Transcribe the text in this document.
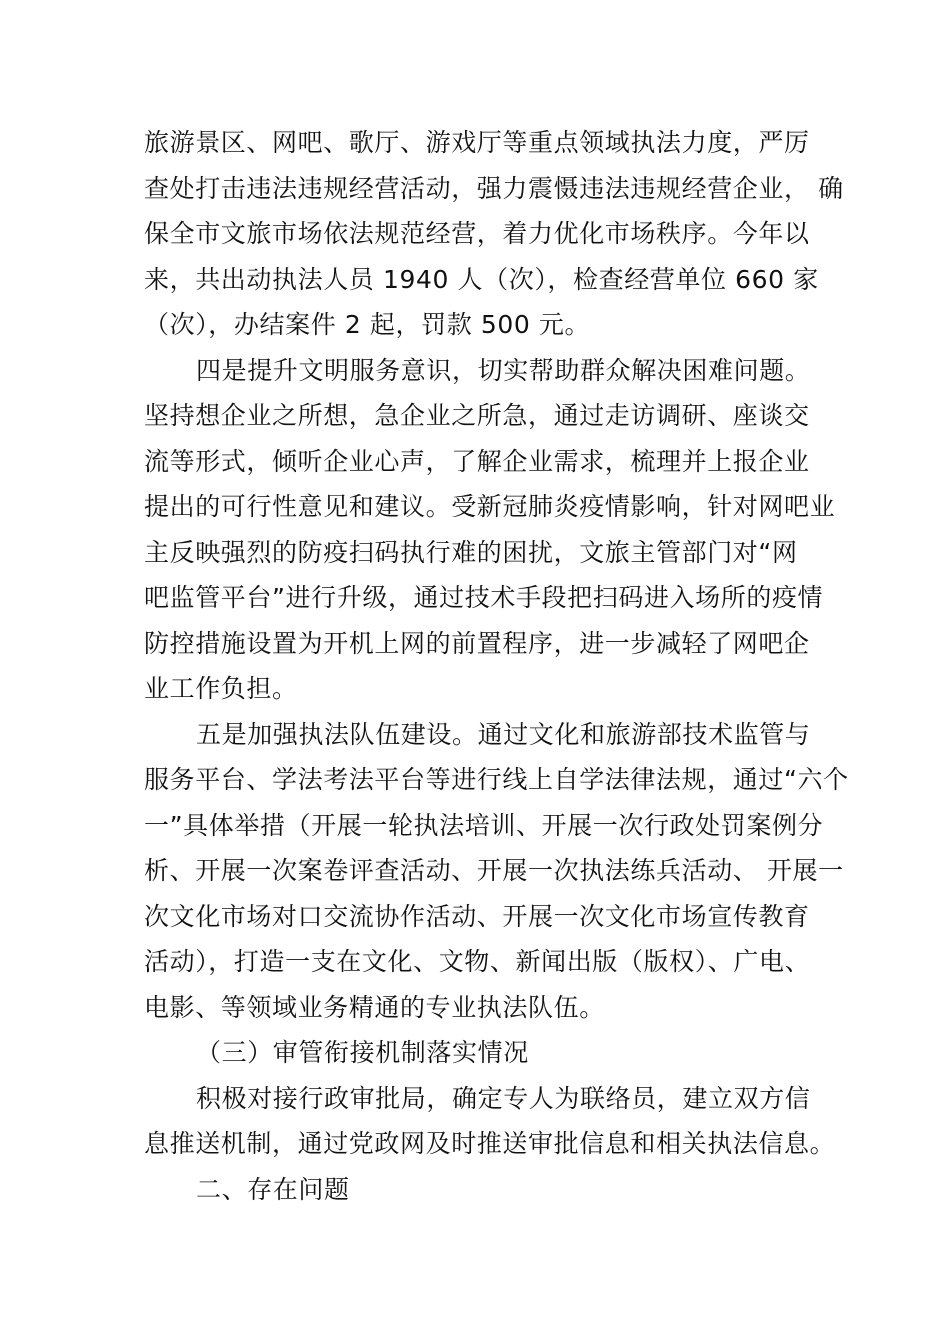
旅游景区、网吧、歌厅、游戏厅等重点领域执法力度，严厉
查处打击违法违规经营活动，强力震慑违法违规经营企业， 确
保全市文旅市场依法规范经营，着力优化市场秩序。今年以
来，共出动执法人员 1940 人（次），检查经营单位 660 家
（次），办结案件 2 起，罚款 500 元。
四是提升文明服务意识，切实帮助群众解决困难问题。
坚持想企业之所想，急企业之所急，通过走访调研、座谈交
流等形式，倾听企业心声，了解企业需求，梳理并上报企业
提出的可行性意见和建议。受新冠肺炎疫情影响，针对网吧业
主反映强烈的防疫扫码执行难的困扰，文旅主管部门对“网
吧监管平台”进行升级，通过技术手段把扫码进入场所的疫情
防控措施设置为开机上网的前置程序，进一步减轻了网吧企
业工作负担。
五是加强执法队伍建设。通过文化和旅游部技术监管与
服务平台、学法考法平台等进行线上自学法律法规，通过“六个
一”具体举措（开展一轮执法培训、开展一次行政处罚案例分
析、开展一次案卷评查活动、开展一次执法练兵活动、 开展一
次文化市场对口交流协作活动、开展一次文化市场宣传教育
活动），打造一支在文化、文物、新闻出版（版权）、广电、
电影、等领域业务精通的专业执法队伍。
（三）审管衔接机制落实情况
积极对接行政审批局，确定专人为联络员，建立双方信
息推送机制，通过党政网及时推送审批信息和相关执法信息。
二、存在问题
